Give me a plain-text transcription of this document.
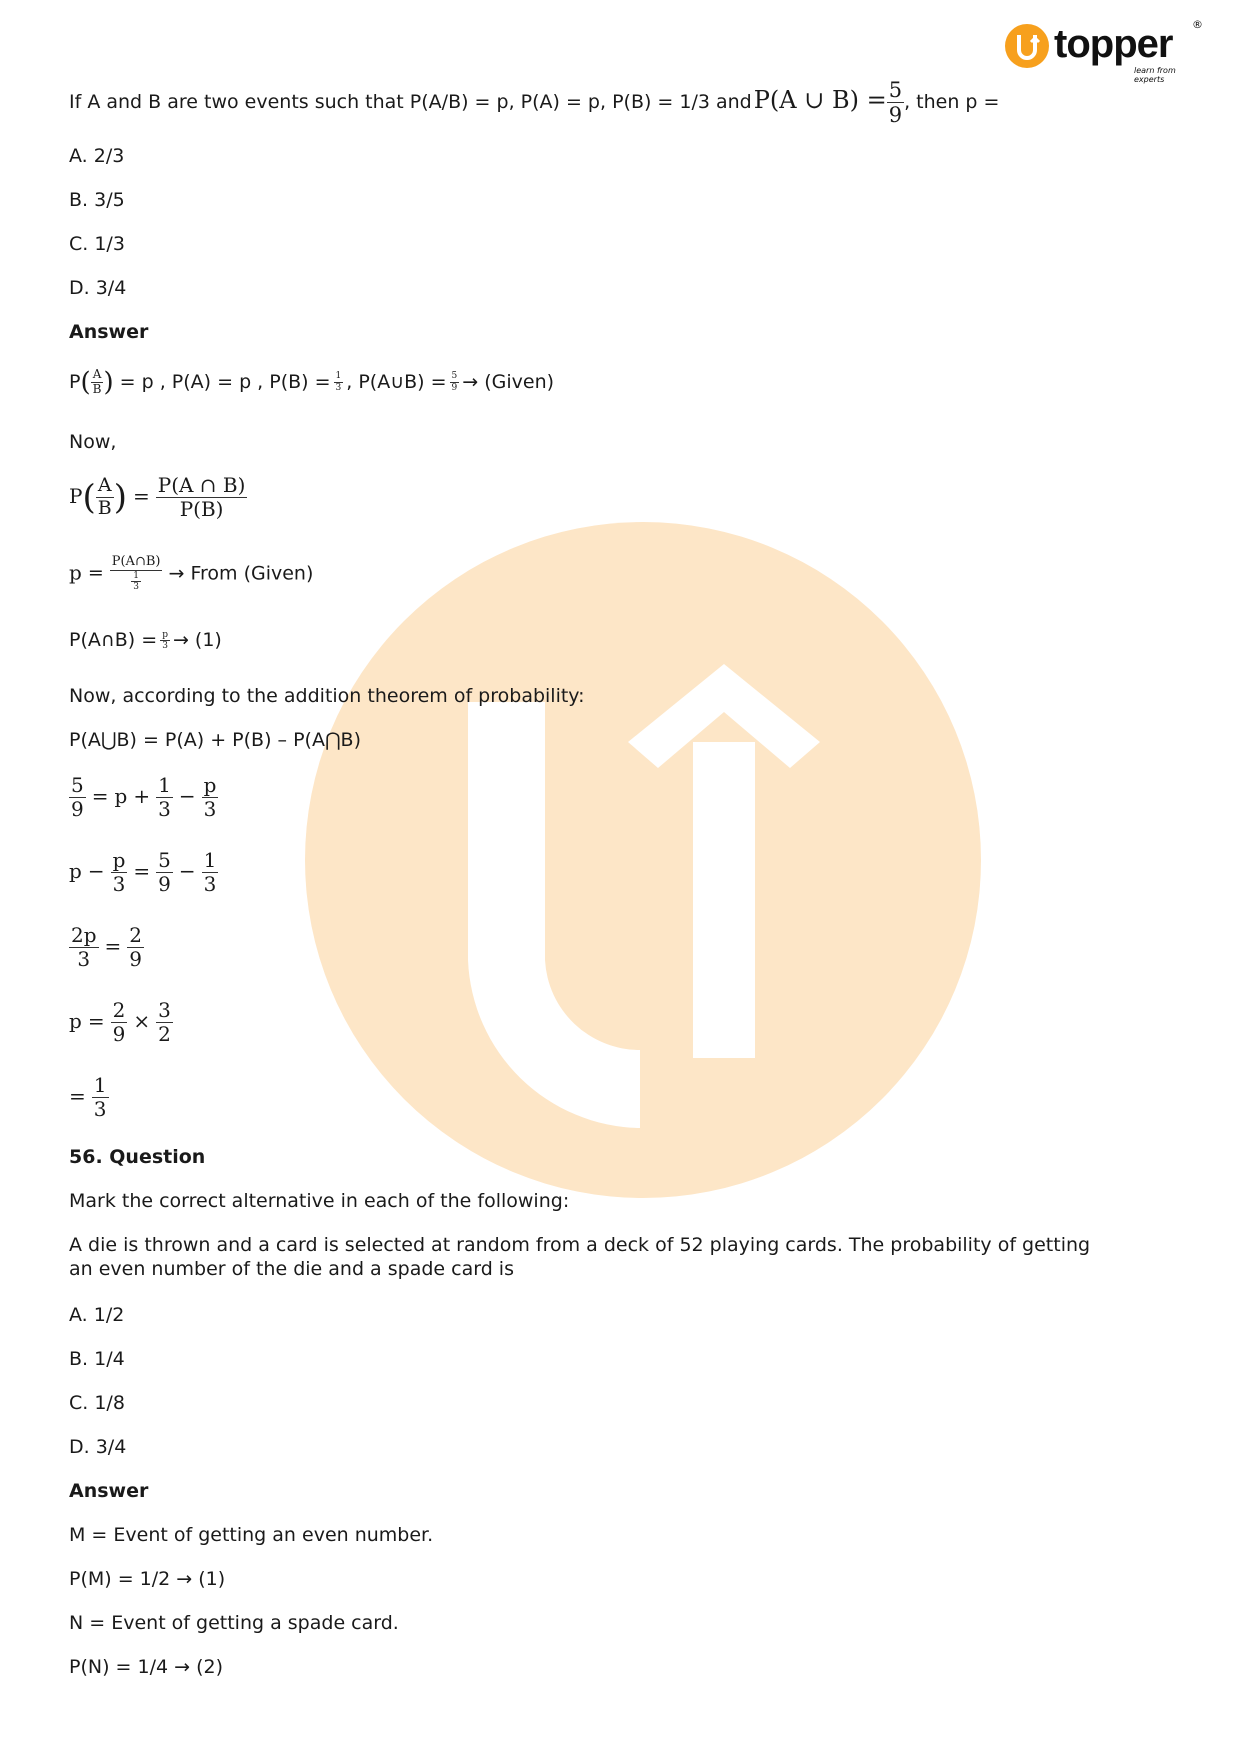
topper ®
learn from experts
If A and B are two events such that P(A/B) = p, P(A) = p, P(B) = 1/3 andP(A ∪ $B) = \frac{5}{9}$ , then p =
A. 2/3
B. 3/5
C. 1/3
D. 3/4
Answer
$P( \frac{A}{B}$ ) = p , P(A) = p , $P(B) = \frac{1}{3}$ , P(A∪B) = $\frac{5}{9}$ → (Given)
Now,
$P( \frac{A}{B}$ ) = $\frac{P(A \cap B)}{P(B)}$
$p = \frac{P(A\cap B)}{\frac{1}{3}}$ → From (Given)
P(A∩B) = $\frac{p}{3} \to (1)$
Now, according to the addition theorem of probability:
P(A⋃B) = P(A) + P(B) – P(A⋂B)
$\frac{5}{9} = p + \frac{1}{3} - \frac{p}{3}$
$p - \frac{p}{3} = \frac{5}{9} - \frac{1}{3}$
$\frac{2p}{3} = \frac{2}{9}$
$p = \frac{2}{9} \times \frac{3}{2}$
= $\frac{1}{3}$
56. Question
Mark the correct alternative in each of the following:
A die is thrown and a card is selected at random from a deck of 52 playing cards. The probability of getting
an even number of the die and a spade card is
A. 1/2
B. 1/4
C. 1/8
D. 3/4
Answer
M = Event of getting an even number.
P(M) = 1/2 → (1)
N = Event of getting a spade card.
P(N) = 1/4 → (2)
